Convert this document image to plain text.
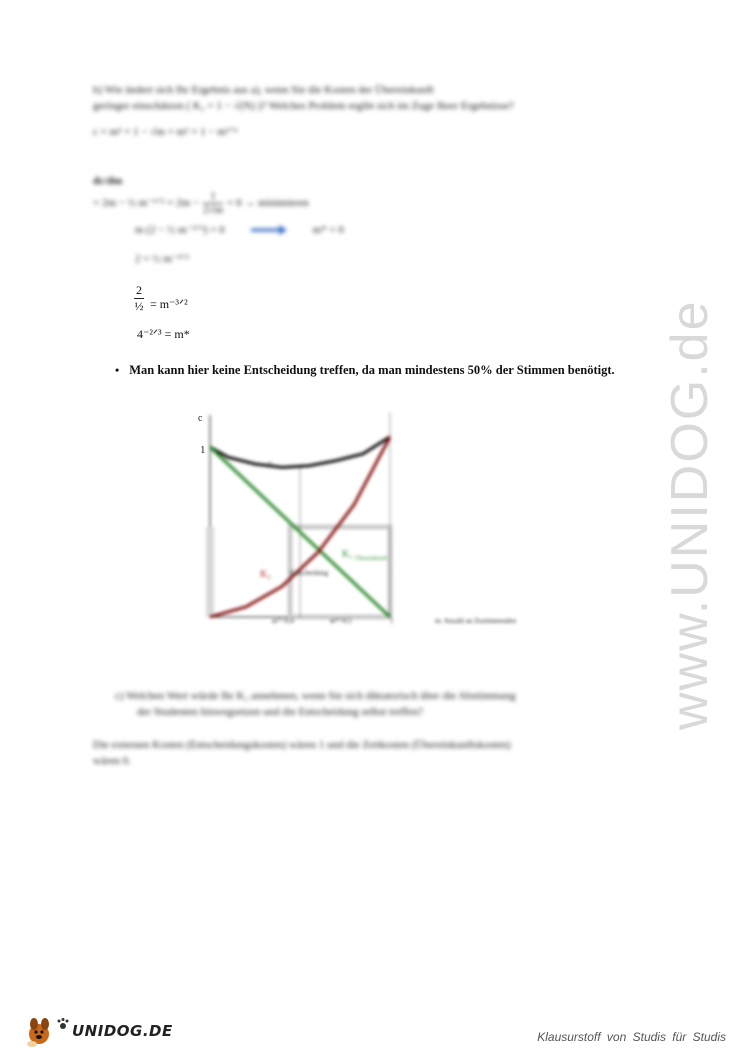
www.UNIDOG.de
b) Wie ändert sich Ihr Ergebnis aus a), wenn Sie die Kosten der Übereinkunft
geringer einschätzen ( K₂ = 1 − √(N) )? Welches Problem ergibt sich im Zuge Ihrer Ergebnisse?
c = m² + 1 − √m = m² + 1 − m¹ᐟ²
dc/dm
= 2m − ½ m⁻¹ᐟ² = $2m - \frac{1}{2√m} = 0$ → minimieren
m (2 − ½ m⁻³ᐟ²) = 0	m* = 0
2 = ½ m⁻³ᐟ²
$\frac{2}{\text{½}}$ = m⁻³ᐟ²
4⁻²ᐟ³ = m*
• Man kann hier keine Entscheidung treffen, da man mindestens 50% der Stimmen benötigt.
c
K₁ Übereinkunft
K₂	Entscheidung
m*=0,4	m*=0,5	1	m: Anzahl an Zustimmenden
c
1
c) Welchen Wert würde Ihr K₂ annehmen, wenn Sie sich diktatorisch über die Abstimmung
der Studenten hinwegsetzen und die Entscheidung selbst treffen?
Die externen Kosten (Entscheidungskosten) wären 1 und die Zeitkosten (Übereinkunftskosten)
wären 0.
UNIDOG.DE	Klausurstoff von Studis für Studis
